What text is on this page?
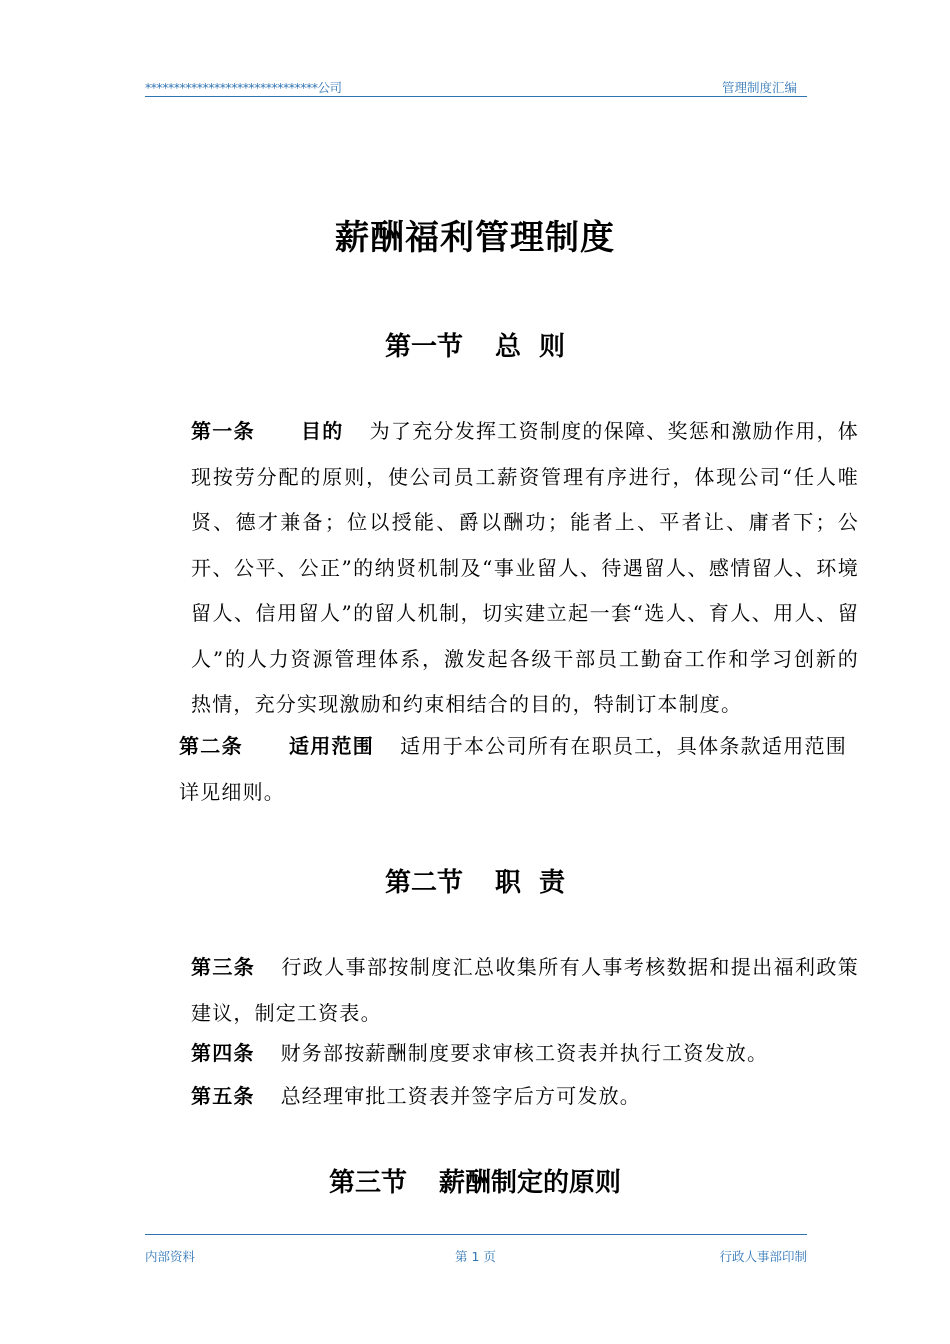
******************************公司	管理制度汇编
薪酬福利管理制度
第一节 总  则
第一条 目的 为了充分发挥工资制度的保障、奖惩和激励作用，体现按劳分配的原则，使公司员工薪资管理有序进行，体现公司“任人唯贤、德才兼备；位以授能、爵以酬功；能者上、平者让、庸者下；公开、公平、公正”的纳贤机制及“事业留人、待遇留人、感情留人、环境留人、信用留人”的留人机制，切实建立起一套“选人、育人、用人、留人”的人力资源管理体系，激发起各级干部员工勤奋工作和学习创新的热情，充分实现激励和约束相结合的目的，特制订本制度。
第二条 适用范围 适用于本公司所有在职员工，具体条款适用范围详见细则。
第二节 职  责
第三条 行政人事部按制度汇总收集所有人事考核数据和提出福利政策建议，制定工资表。
第四条 财务部按薪酬制度要求审核工资表并执行工资发放。
第五条 总经理审批工资表并签字后方可发放。
第三节 薪酬制定的原则
内部资料	第 1 页	行政人事部印制
